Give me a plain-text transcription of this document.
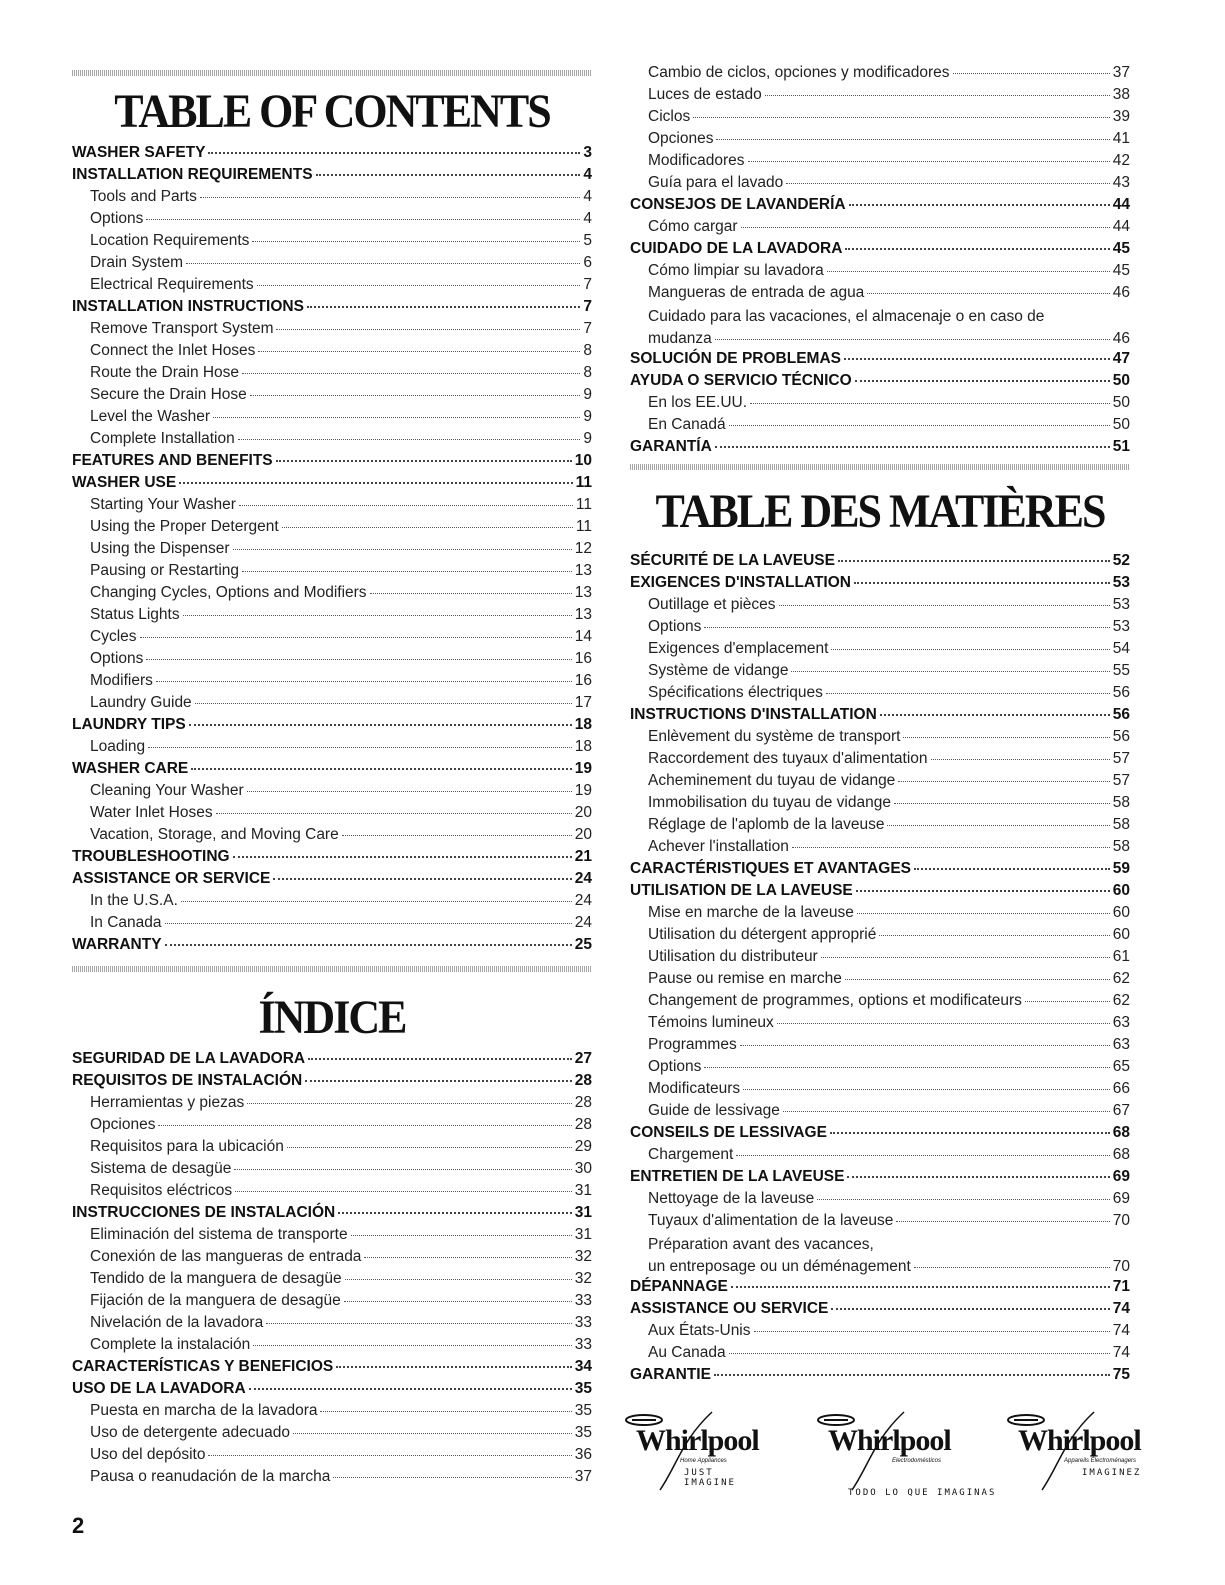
TABLE OF CONTENTS
WASHER SAFETY	3
INSTALLATION REQUIREMENTS	4
Tools and Parts	4
Options	4
Location Requirements	5
Drain System	6
Electrical Requirements	7
INSTALLATION INSTRUCTIONS	7
Remove Transport System	7
Connect the Inlet Hoses	8
Route the Drain Hose	8
Secure the Drain Hose	9
Level the Washer	9
Complete Installation	9
FEATURES AND BENEFITS	10
WASHER USE	11
Starting Your Washer	11
Using the Proper Detergent	11
Using the Dispenser	12
Pausing or Restarting	13
Changing Cycles, Options and Modifiers	13
Status Lights	13
Cycles	14
Options	16
Modifiers	16
Laundry Guide	17
LAUNDRY TIPS	18
Loading	18
WASHER CARE	19
Cleaning Your Washer	19
Water Inlet Hoses	20
Vacation, Storage, and Moving Care	20
TROUBLESHOOTING	21
ASSISTANCE OR SERVICE	24
In the U.S.A.	24
In Canada	24
WARRANTY	25
ÍNDICE
SEGURIDAD DE LA LAVADORA	27
REQUISITOS DE INSTALACIÓN	28
Herramientas y piezas	28
Opciones	28
Requisitos para la ubicación	29
Sistema de desagüe	30
Requisitos eléctricos	31
INSTRUCCIONES DE INSTALACIÓN	31
Eliminación del sistema de transporte	31
Conexión de las mangueras de entrada	32
Tendido de la manguera de desagüe	32
Fijación de la manguera de desagüe	33
Nivelación de la lavadora	33
Complete la instalación	33
CARACTERÍSTICAS Y BENEFICIOS	34
USO DE LA LAVADORA	35
Puesta en marcha de la lavadora	35
Uso de detergente adecuado	35
Uso del depósito	36
Pausa o reanudación de la marcha	37
Cambio de ciclos, opciones y modificadores	37
Luces de estado	38
Ciclos	39
Opciones	41
Modificadores	42
Guía para el lavado	43
CONSEJOS DE LAVANDERÍA	44
Cómo cargar	44
CUIDADO DE LA LAVADORA	45
Cómo limpiar su lavadora	45
Mangueras de entrada de agua	46
Cuidado para las vacaciones, el almacenaje o en caso de
mudanza	46
SOLUCIÓN DE PROBLEMAS	47
AYUDA O SERVICIO TÉCNICO	50
En los EE.UU.	50
En Canadá	50
GARANTÍA	51
TABLE DES MATIÈRES
SÉCURITÉ DE LA LAVEUSE	52
EXIGENCES D'INSTALLATION	53
Outillage et pièces	53
Options	53
Exigences d'emplacement	54
Système de vidange	55
Spécifications électriques	56
INSTRUCTIONS D'INSTALLATION	56
Enlèvement du système de transport	56
Raccordement des tuyaux d'alimentation	57
Acheminement du tuyau de vidange	57
Immobilisation du tuyau de vidange	58
Réglage de l'aplomb de la laveuse	58
Achever l'installation	58
CARACTÉRISTIQUES ET AVANTAGES	59
UTILISATION DE LA LAVEUSE	60
Mise en marche de la laveuse	60
Utilisation du détergent approprié	60
Utilisation du distributeur	61
Pause ou remise en marche	62
Changement de programmes, options et modificateurs	62
Témoins lumineux	63
Programmes	63
Options	65
Modificateurs	66
Guide de lessivage	67
CONSEILS DE LESSIVAGE	68
Chargement	68
ENTRETIEN DE LA LAVEUSE	69
Nettoyage de la laveuse	69
Tuyaux d'alimentation de la laveuse	70
Préparation avant des vacances,
un entreposage ou un déménagement	70
DÉPANNAGE	71
ASSISTANCE OU SERVICE	74
Aux États-Unis	74
Au Canada	74
GARANTIE	75
2
Whirlpool
Home Appliances
JUST IMAGINE
Whirlpool
Electrodomésticos
Whirlpool
Appareils Électroménagers
IMAGINEZ
TODO LO QUE IMAGINAS
